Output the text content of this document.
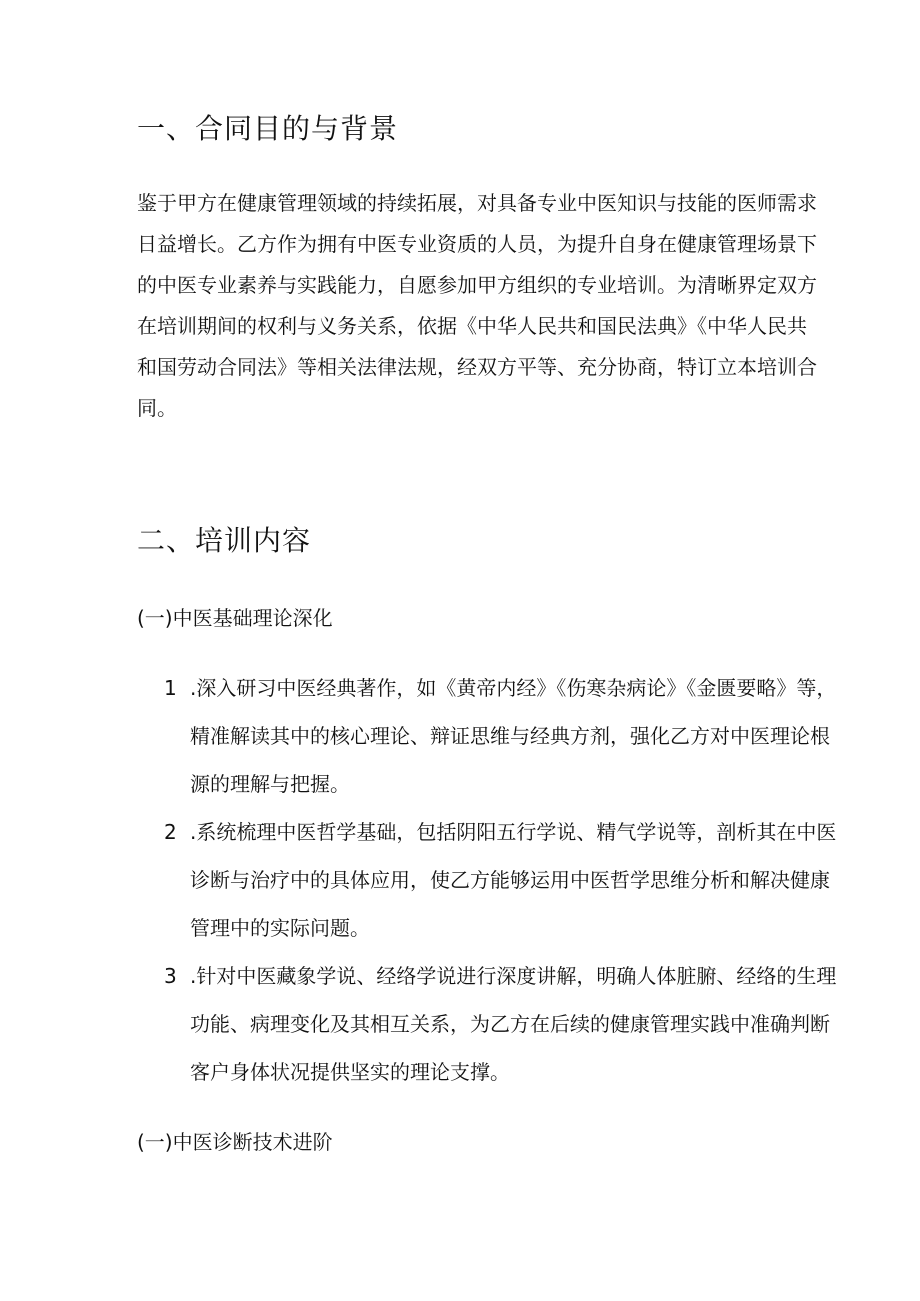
一、合同目的与背景
鉴于甲方在健康管理领域的持续拓展，对具备专业中医知识与技能的医师需求
日益增长。乙方作为拥有中医专业资质的人员，为提升自身在健康管理场景下
的中医专业素养与实践能力，自愿参加甲方组织的专业培训。为清晰界定双方
在培训期间的权利与义务关系，依据《中华人民共和国民法典》《中华人民共
和国劳动合同法》等相关法律法规，经双方平等、充分协商，特订立本培训合
同。
二、培训内容
(一)中医基础理论深化
1 .深入研习中医经典著作，如《黄帝内经》《伤寒杂病论》《金匮要略》等，
精准解读其中的核心理论、辩证思维与经典方剂，强化乙方对中医理论根
源的理解与把握。
2 .系统梳理中医哲学基础，包括阴阳五行学说、精气学说等，剖析其在中医
诊断与治疗中的具体应用，使乙方能够运用中医哲学思维分析和解决健康
管理中的实际问题。
3 .针对中医藏象学说、经络学说进行深度讲解，明确人体脏腑、经络的生理
功能、病理变化及其相互关系，为乙方在后续的健康管理实践中准确判断
客户身体状况提供坚实的理论支撑。
(一)中医诊断技术进阶
